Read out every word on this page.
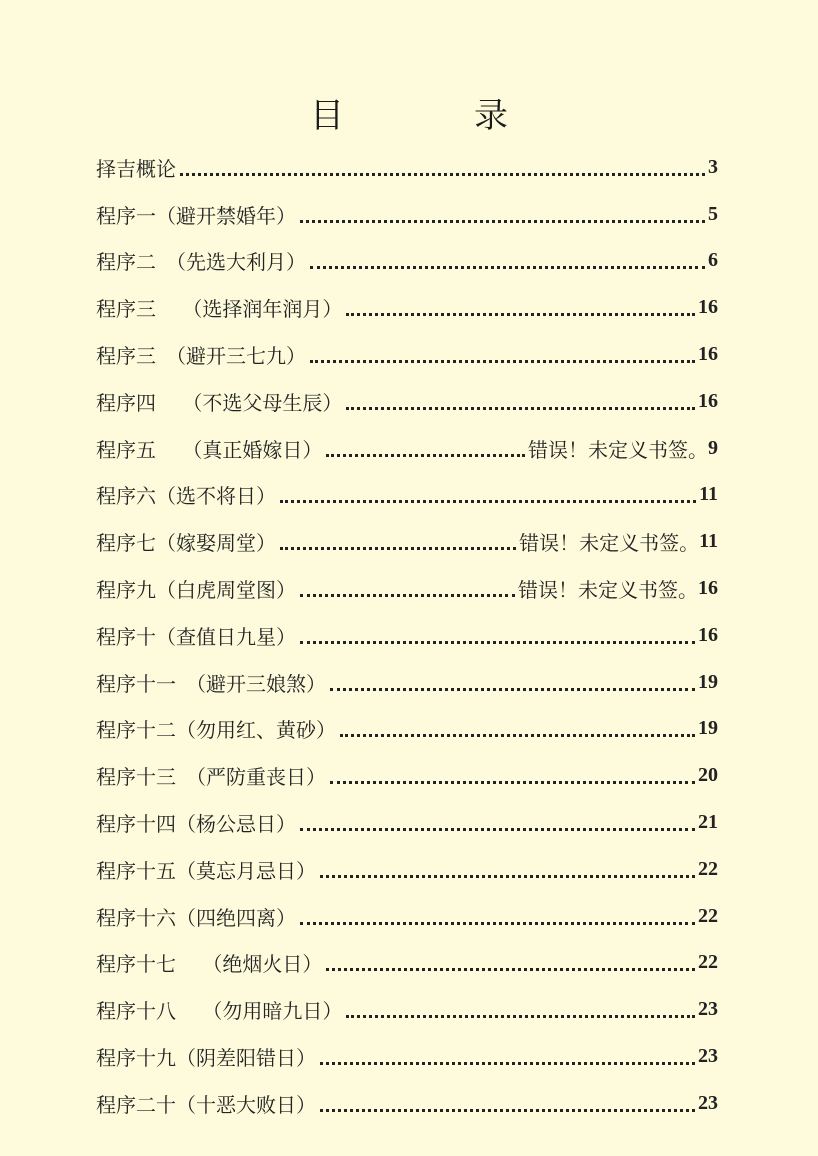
目　录
择吉概论	3
程序一（避开禁婚年）	5
程序二　（先选大利月）	6
程序三　 （选择润年润月）	16
程序三　（避开三七九）	16
程序四　 （不选父母生辰）	16
程序五　 （真正婚嫁日）	错误！未定义书签。 9
程序六（选不将日）	11
程序七（嫁娶周堂）	错误！未定义书签。 11
程序九（白虎周堂图）	错误！未定义书签。 16
程序十（查值日九星）	16
程序十一　（避开三娘煞）	19
程序十二（勿用红、黄砂）	19
程序十三　（严防重丧日）	20
程序十四（杨公忌日）	21
程序十五（莫忘月忌日）	22
程序十六（四绝四离）	22
程序十七　 （绝烟火日）	22
程序十八　 （勿用暗九日）	23
程序十九（阴差阳错日）	23
程序二十（十恶大败日）	23
